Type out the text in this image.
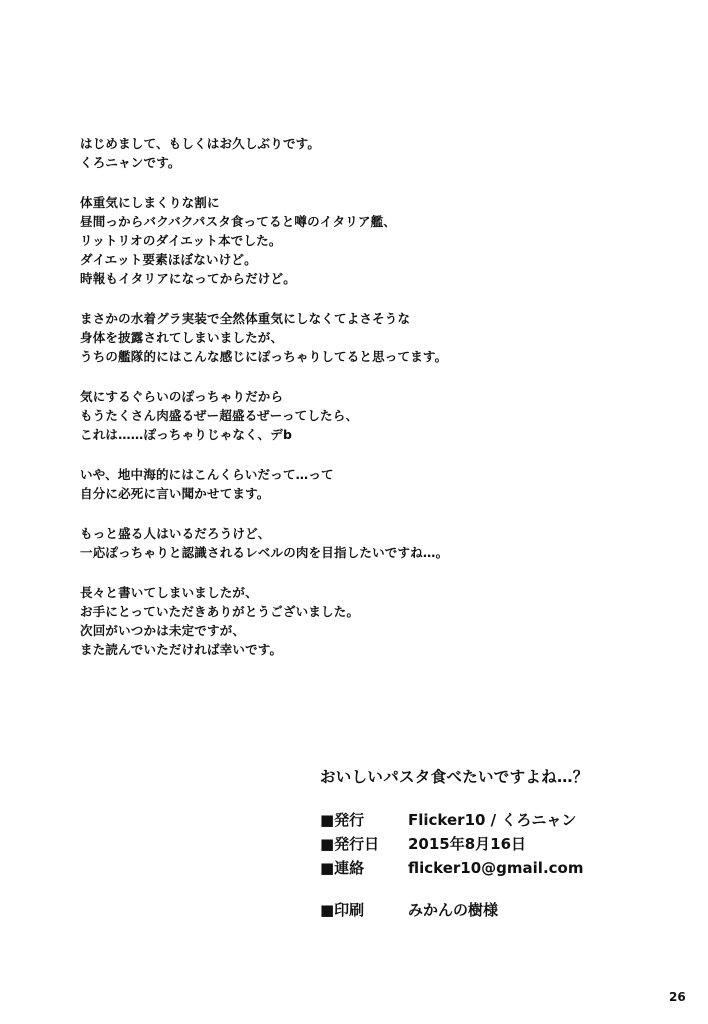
はじめまして、もしくはお久しぶりです。
くろニャンです。
体重気にしまくりな割に
昼間っからバクバクパスタ食ってると噂のイタリア艦、
リットリオのダイエット本でした。
ダイエット要素ほぼないけど。
時報もイタリアになってからだけど。
まさかの水着グラ実装で全然体重気にしなくてよさそうな
身体を披露されてしまいましたが、
うちの艦隊的にはこんな感じにぽっちゃりしてると思ってます。
気にするぐらいのぽっちゃりだから
もうたくさん肉盛るぜー超盛るぜーってしたら、
これは……ぽっちゃりじゃなく、デb
いや、地中海的にはこんくらいだって…って
自分に必死に言い聞かせてます。
もっと盛る人はいるだろうけど、
一応ぽっちゃりと認識されるレベルの肉を目指したいですね…。
長々と書いてしまいましたが、
お手にとっていただきありがとうございました。
次回がいつかは未定ですが、
また読んでいただければ幸いです。
おいしいパスタ食べたいですよね…？
■発行	Flicker10 / くろニャン
■発行日	2015年8月16日
■連絡	flicker10@gmail.com
■印刷	みかんの樹様
26
